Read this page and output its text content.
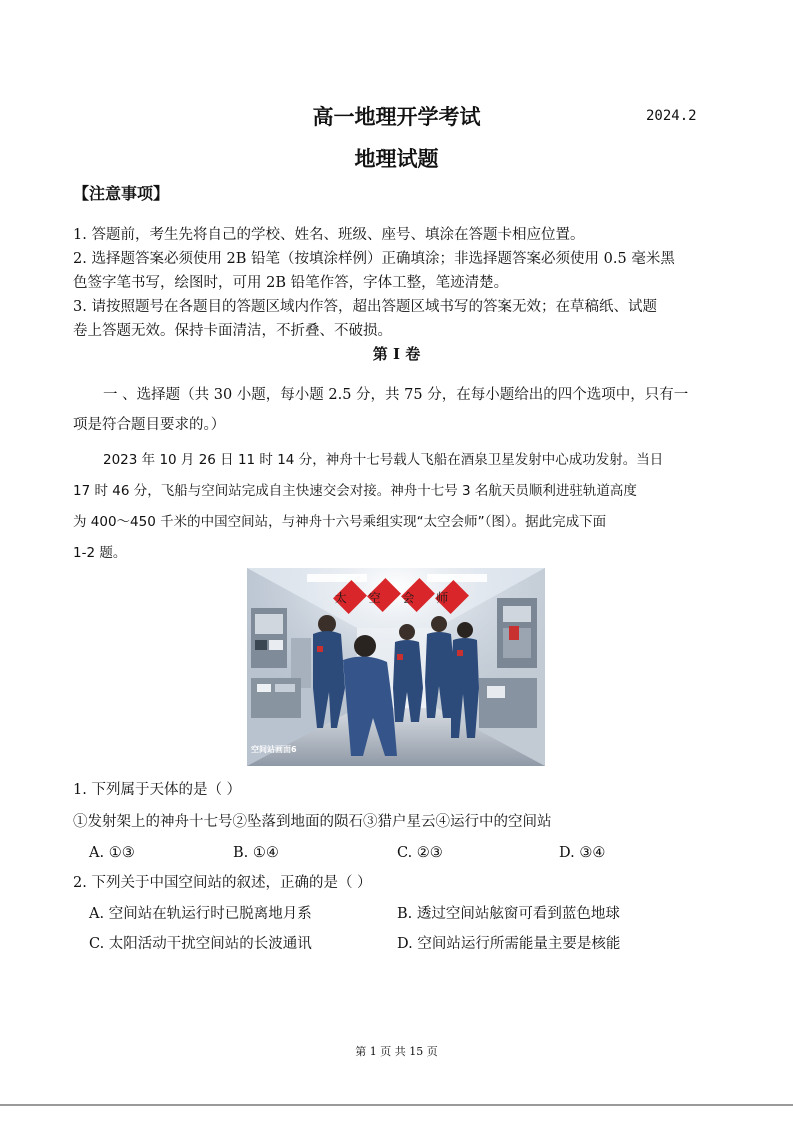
高一地理开学考试	2024.2
地理试题
【注意事项】
1. 答题前，考生先将自己的学校、姓名、班级、座号、填涂在答题卡相应位置。
2. 选择题答案必须使用 2B 铅笔（按填涂样例）正确填涂；非选择题答案必须使用 0.5 毫米黑
色签字笔书写，绘图时，可用 2B 铅笔作答，字体工整，笔迹清楚。
3. 请按照题号在各题目的答题区域内作答，超出答题区域书写的答案无效；在草稿纸、试题
卷上答题无效。保持卡面清洁，不折叠、不破损。
第 Ⅰ 卷
一 、选择题（共 30 小题，每小题 2.5 分，共 75 分，在每小题给出的四个选项中，只有一
项是符合题目要求的。）
2023 年 10 月 26 日 11 时 14 分，神舟十七号载人飞船在酒泉卫星发射中心成功发射。当日
17 时 46 分，飞船与空间站完成自主快速交会对接。神舟十七号 3 名航天员顺利进驻轨道高度
为 400～450 千米的中国空间站，与神舟十六号乘组实现“太空会师”（图）。据此完成下面
1-2 题。
太 空 会 师
空间站画面6
1. 下列属于天体的是（ ）
①发射架上的神舟十七号②坠落到地面的陨石③猎户星云④运行中的空间站
A. ①③	B. ①④	C. ②③	D. ③④
2. 下列关于中国空间站的叙述，正确的是（ ）
A. 空间站在轨运行时已脱离地月系	B. 透过空间站舷窗可看到蓝色地球
C. 太阳活动干扰空间站的长波通讯	D. 空间站运行所需能量主要是核能
第 1 页 共 15 页
